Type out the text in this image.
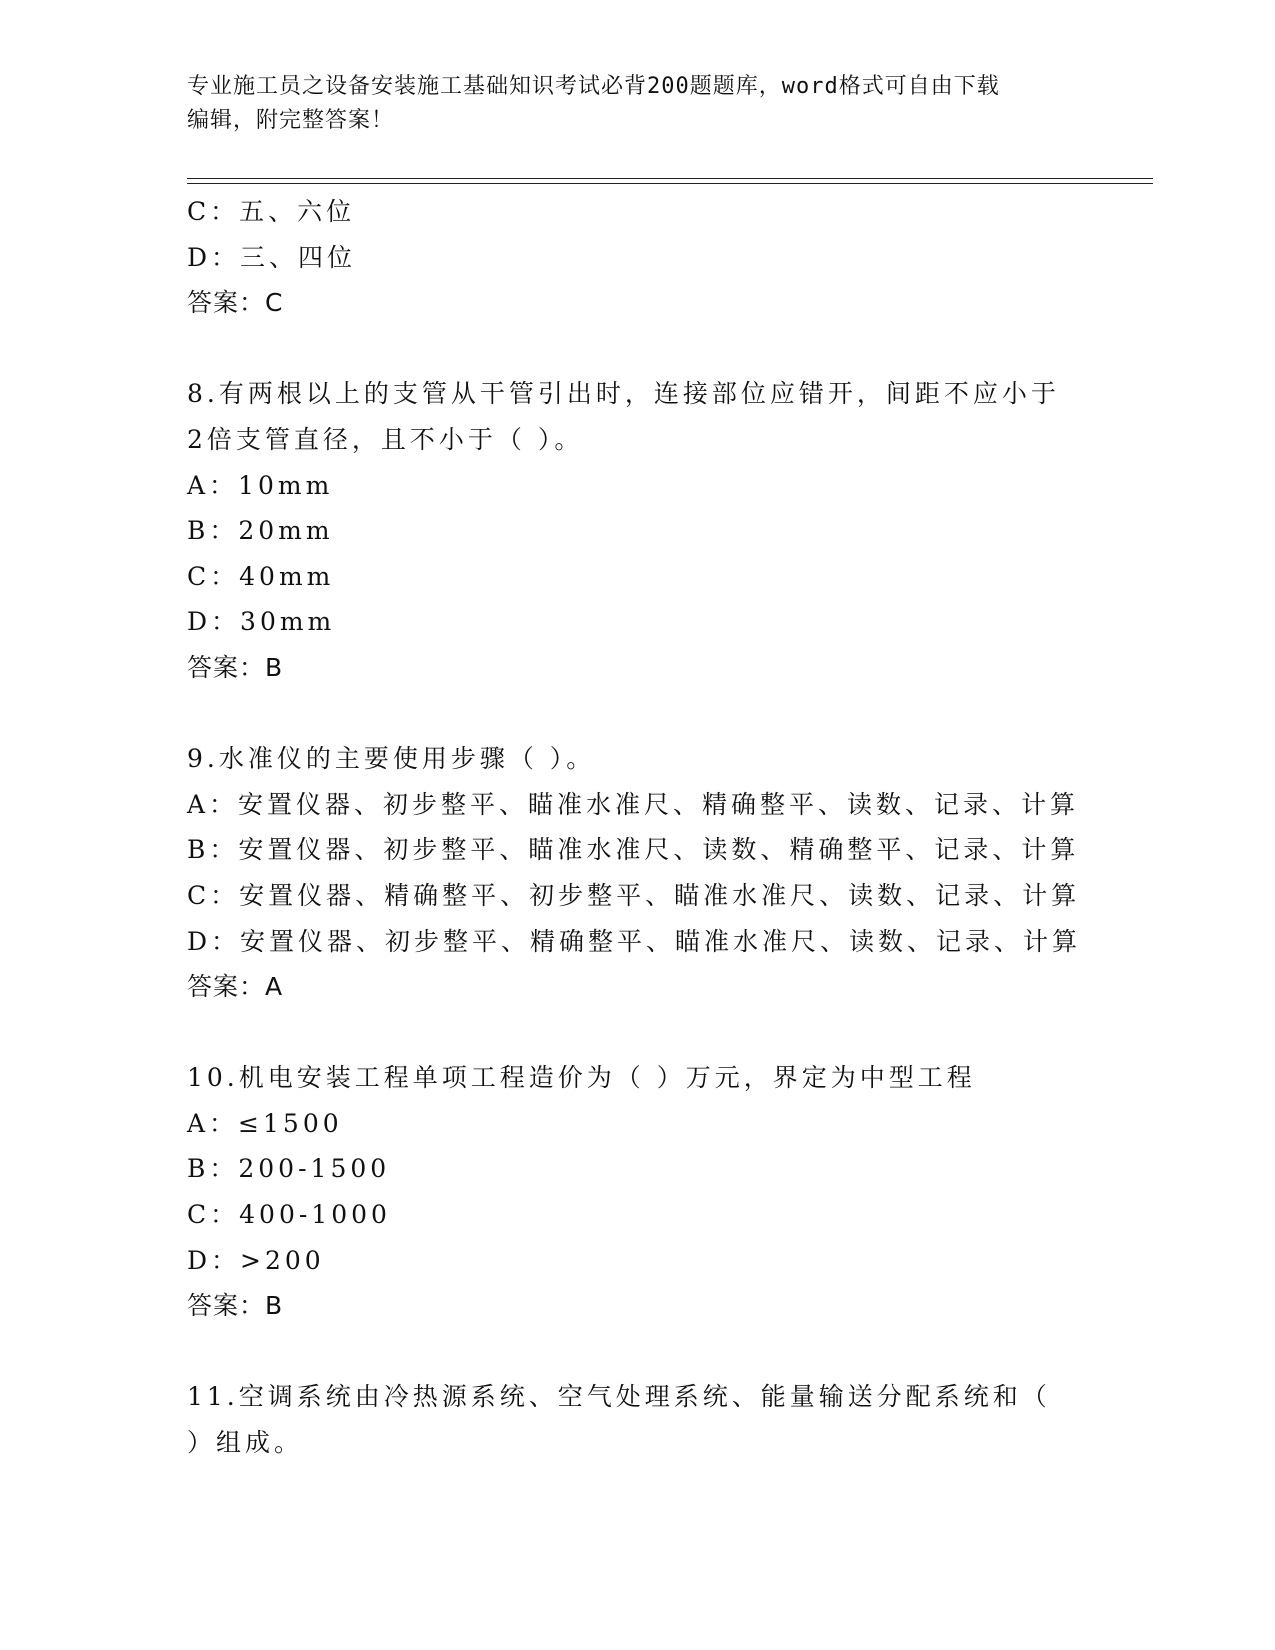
专业施工员之设备安装施工基础知识考试必背200题题库，word格式可自由下载
编辑，附完整答案！
C：五、六位
D：三、四位
答案：C
8.有两根以上的支管从干管引出时，连接部位应错开，间距不应小于
2倍支管直径，且不小于（ ）。
A：10mm
B：20mm
C：40mm
D：30mm
答案：B
9.水准仪的主要使用步骤（ ）。
A：安置仪器、初步整平、瞄准水准尺、精确整平、读数、记录、计算
B：安置仪器、初步整平、瞄准水准尺、读数、精确整平、记录、计算
C：安置仪器、精确整平、初步整平、瞄准水准尺、读数、记录、计算
D：安置仪器、初步整平、精确整平、瞄准水准尺、读数、记录、计算
答案：A
10.机电安装工程单项工程造价为（ ）万元，界定为中型工程
A：≤1500
B：200-1500
C：400-1000
D：>200
答案：B
11.空调系统由冷热源系统、空气处理系统、能量输送分配系统和（
）组成。
